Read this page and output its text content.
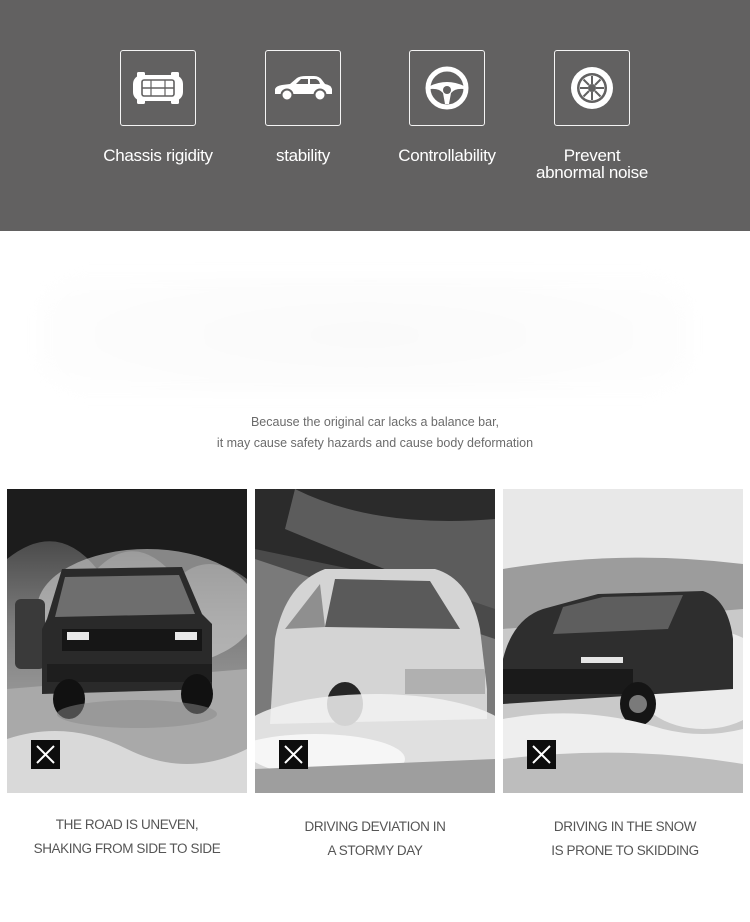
Chassis rigidity	stability	Controllability	Prevent
abnormal noise
Because the original car lacks a balance bar,
it may cause safety hazards and cause body deformation
THE ROAD IS UNEVEN,
SHAKING FROM SIDE TO SIDE
DRIVING DEVIATION IN
A STORMY DAY
DRIVING IN THE SNOW
IS PRONE TO SKIDDING
